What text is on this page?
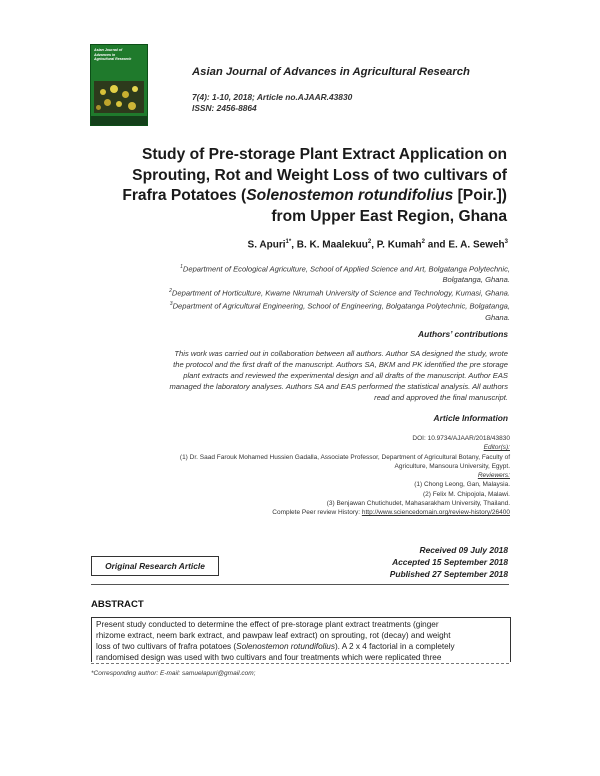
Asian Journal of
Advances in
Agricultural Research
Asian Journal of Advances in Agricultural Research
7(4): 1-10, 2018; Article no.AJAAR.43830
ISSN: 2456-8864
Study of Pre-storage Plant Extract Application on
Sprouting, Rot and Weight Loss of two cultivars of
Frafra Potatoes (Solenostemon rotundifolius [Poir.])
from Upper East Region, Ghana
S. Apuri$^{1*}$, B. K. Maalekuu$^2$, P. Kumah$^2$ and E. A. Seweh$^3$
$^1$Department of Ecological Agriculture, School of Applied Science and Art, Bolgatanga Polytechnic,
Bolgatanga, Ghana.
$^2$Department of Horticulture, Kwame Nkrumah University of Science and Technology, Kumasi, Ghana.
$^3$Department of Agricultural Engineering, School of Engineering, Bolgatanga Polytechnic, Bolgatanga,
Ghana.
Authors’ contributions
This work was carried out in collaboration between all authors. Author SA designed the study, wrote
the protocol and the first draft of the manuscript. Authors SA, BKM and PK identified the pre storage
plant extracts and reviewed the experimental design and all drafts of the manuscript. Author EAS
managed the laboratory analyses. Authors SA and EAS performed the statistical analysis. All authors
read and approved the final manuscript.
Article Information
DOI: 10.9734/AJAAR/2018/43830
Editor(s):
(1) Dr. Saad Farouk Mohamed Hussien Gadalla, Associate Professor, Department of Agricultural Botany, Faculty of
Agriculture, Mansoura University, Egypt.
Reviewers:
(1) Chong Leong, Gan, Malaysia.
(2) Felix M. Chipojola, Malawi.
(3) Benjawan Chutichudet, Mahasarakham University, Thailand.
Complete Peer review History: http://www.sciencedomain.org/review-history/26400
Original Research Article
Received 09 July 2018
Accepted 15 September 2018
Published 27 September 2018
ABSTRACT
Present study conducted to determine the effect of pre-storage plant extract treatments (ginger
rhizome extract, neem bark extract, and pawpaw leaf extract) on sprouting, rot (decay) and weight
loss of two cultivars of frafra potatoes (Solenostemon rotundifolius). A 2 x 4 factorial in a completely
randomised design was used with two cultivars and four treatments which were replicated three
*Corresponding author: E-mail: samuelapuri@gmail.com;
